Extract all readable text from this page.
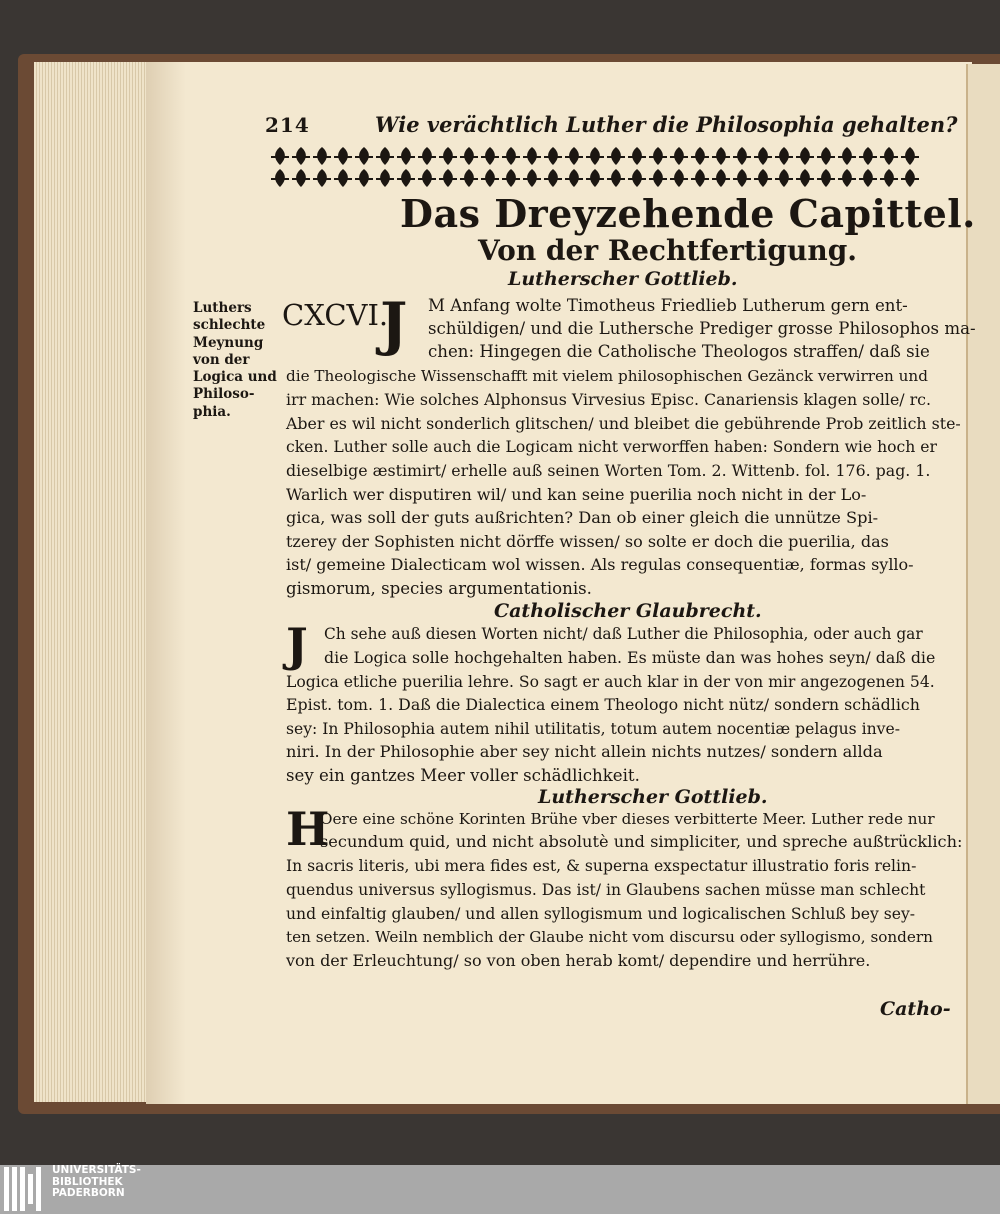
214	Wie verächtlich Luther die Philosophia gehalten?
Das Dreyzehende Capittel.
Von der Rechtfertigung.
Lutherscher Gottlieb.
CXCVI.
J
Luthers
schlechte
Meynung
von der
Logica und
Philoso-
phia.
M Anfang wolte Timotheus Friedlieb Lutherum gern ent-
schüldigen/ und die Luthersche Prediger grosse Philosophos ma-
chen: Hingegen die Catholische Theologos straffen/ daß sie
die Theologische Wissenschafft mit vielem philosophischen Gezänck verwirren und
irr machen: Wie solches Alphonsus Virvesius Episc. Canariensis klagen solle/ rc.
Aber es wil nicht sonderlich glitschen/ und bleibet die gebührende Prob zeitlich ste-
cken. Luther solle auch die Logicam nicht verworffen haben: Sondern wie hoch er
dieselbige æstimirt/ erhelle auß seinen Worten Tom. 2. Wittenb. fol. 176. pag. 1.
Warlich wer disputiren wil/ und kan seine puerilia noch nicht in der Lo-
gica, was soll der guts außrichten? Dan ob einer gleich die unnütze Spi-
tzerey der Sophisten nicht dörffe wissen/ so solte er doch die puerilia, das
ist/ gemeine Dialecticam wol wissen. Als regulas consequentiæ, formas syllo-
gismorum, species argumentationis.
Catholischer Glaubrecht.
J Ch sehe auß diesen Worten nicht/ daß Luther die Philosophia, oder auch gar
die Logica solle hochgehalten haben. Es müste dan was hohes seyn/ daß die
Logica etliche puerilia lehre. So sagt er auch klar in der von mir angezogenen 54.
Epist. tom. 1. Daß die Dialectica einem Theologo nicht nütz/ sondern schädlich
sey: In Philosophia autem nihil utilitatis, totum autem nocentiæ pelagus inve-
niri. In der Philosophie aber sey nicht allein nichts nutzes/ sondern allda
sey ein gantzes Meer voller schädlichkeit.
Lutherscher Gottlieb.
H
Oere eine schöne Korinten Brühe vber dieses verbitterte Meer. Luther rede nur
secundum quid, und nicht absolutè und simpliciter, und spreche außtrücklich:
In sacris literis, ubi mera fides est, & superna exspectatur illustratio foris relin-
quendus universus syllogismus. Das ist/ in Glaubens sachen müsse man schlecht
und einfaltig glauben/ und allen syllogismum und logicalischen Schluß bey sey-
ten setzen. Weiln nemblich der Glaube nicht vom discursu oder syllogismo, sondern
von der Erleuchtung/ so von oben herab komt/ dependire und herrühre.
Catho-
UNIVERSITÄTS-
BIBLIOTHEK
PADERBORN
